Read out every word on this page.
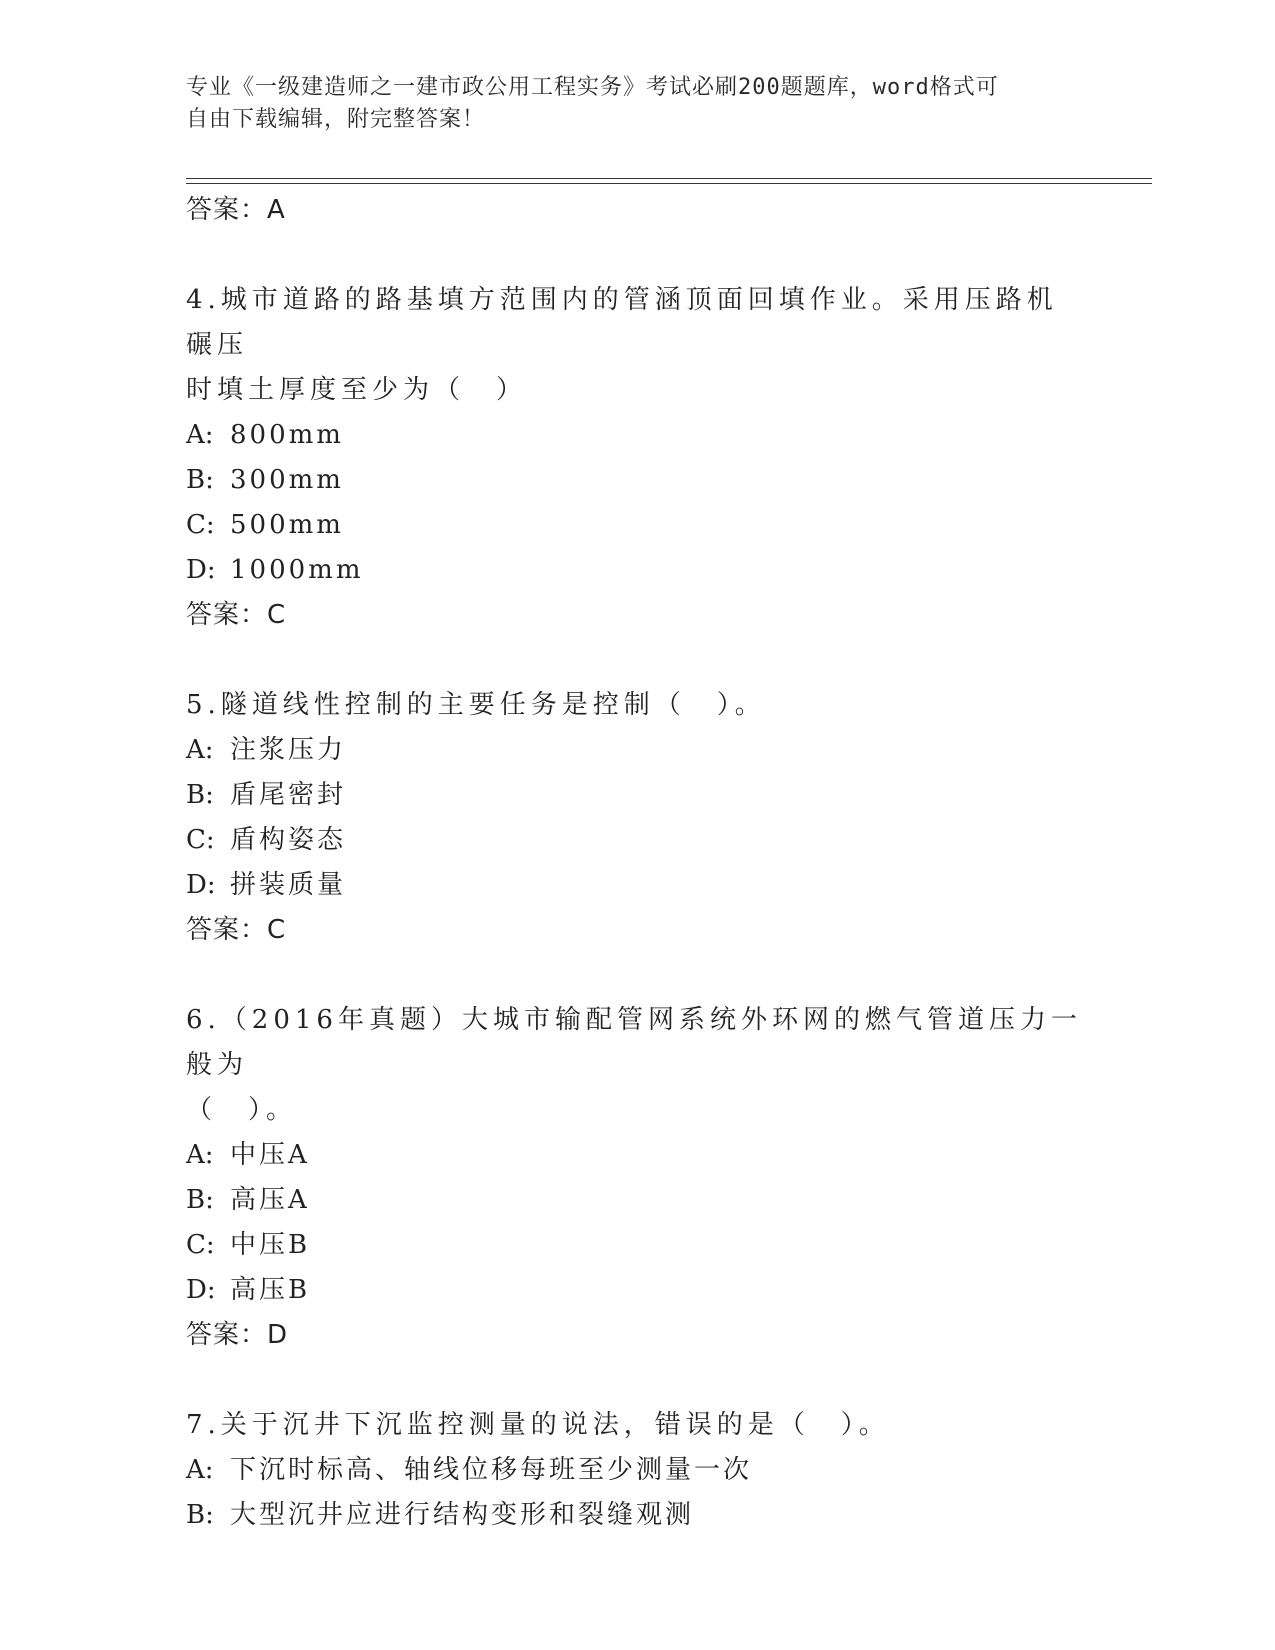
专业《一级建造师之一建市政公用工程实务》考试必刷200题题库，word格式可
自由下载编辑，附完整答案！
答案：A
4.城市道路的路基填方范围内的管涵顶面回填作业。采用压路机碾压
时填土厚度至少为（　）
A: 800mm
B: 300mm
C: 500mm
D: 1000mm
答案：C
5.隧道线性控制的主要任务是控制（　）。
A: 注浆压力
B: 盾尾密封
C: 盾构姿态
D: 拼装质量
答案：C
6.（2016年真题）大城市输配管网系统外环网的燃气管道压力一般为
（　）。
A: 中压A
B: 高压A
C: 中压B
D: 高压B
答案：D
7.关于沉井下沉监控测量的说法，错误的是（　）。
A: 下沉时标高、轴线位移每班至少测量一次
B: 大型沉井应进行结构变形和裂缝观测
